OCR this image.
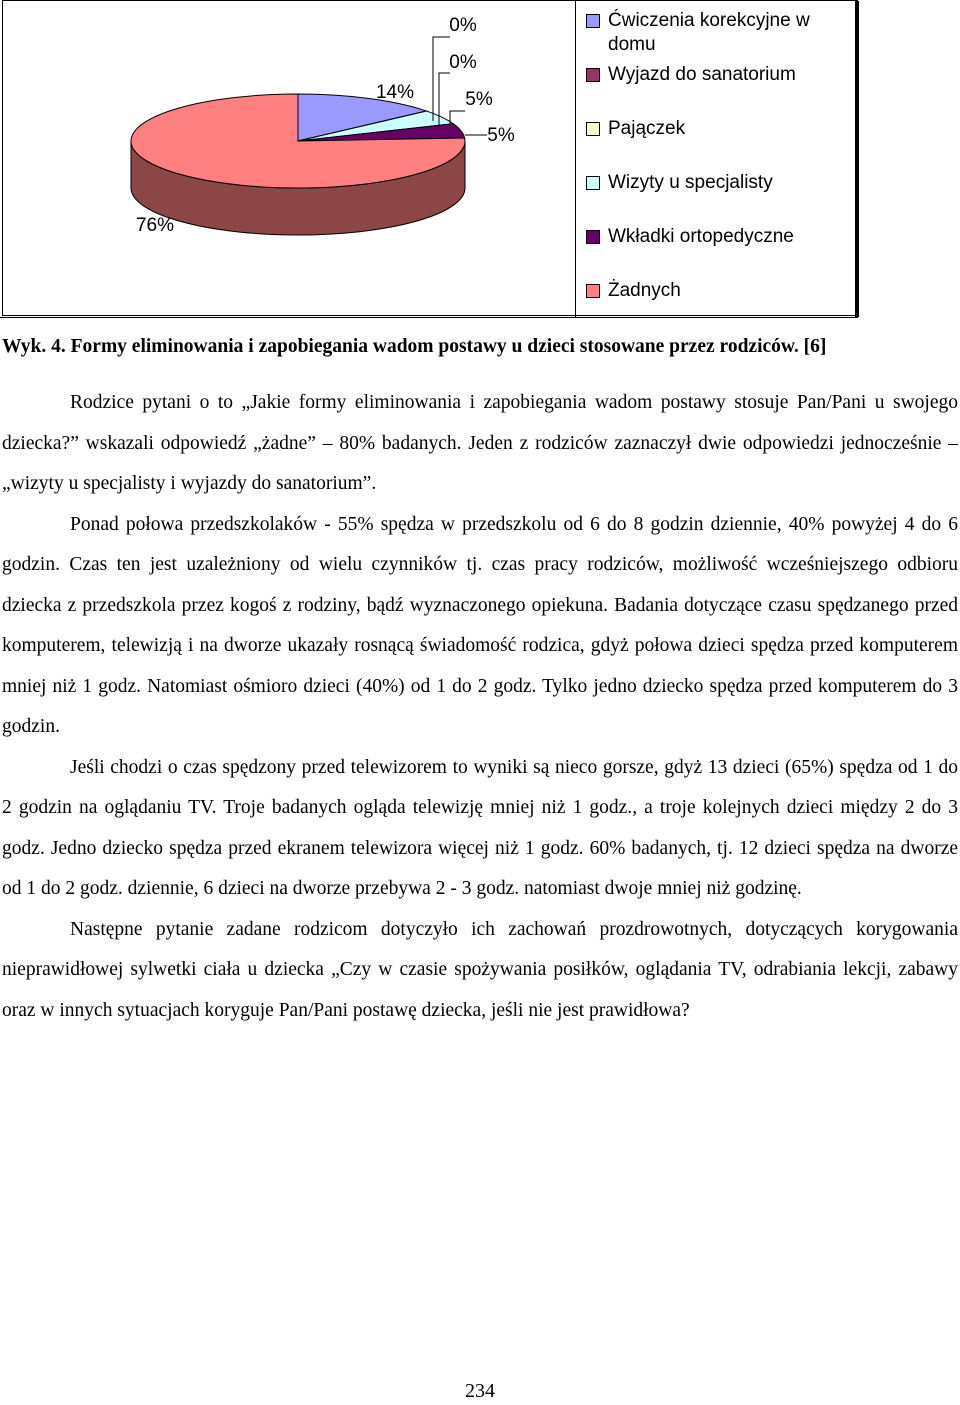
14%
0%
0%
5%
5%
76%
Ćwiczenia korekcyjne w domu
Wyjazd do sanatorium
Pajączek
Wizyty u specjalisty
Wkładki ortopedyczne
Żadnych
Wyk. 4. Formy eliminowania i zapobiegania wadom postawy u dzieci stosowane przez rodziców. [6]

Rodzice pytani o to „Jakie formy eliminowania i zapobiegania wadom postawy stosuje Pan/Pani u swojego dziecka?” wskazali odpowiedź „żadne” – 80% badanych. Jeden z rodziców zaznaczył dwie odpowiedzi jednocześnie – „wizyty u specjalisty i wyjazdy do sanatorium”.

Ponad połowa przedszkolaków - 55% spędza w przedszkolu od 6 do 8 godzin dziennie, 40% powyżej 4 do 6 godzin. Czas ten jest uzależniony od wielu czynników tj. czas pracy rodziców, możliwość wcześniejszego odbioru dziecka z przedszkola przez kogoś z rodziny, bądź wyznaczonego opiekuna. Badania dotyczące czasu spędzanego przed komputerem, telewizją i na dworze ukazały rosnącą świadomość rodzica, gdyż połowa dzieci spędza przed komputerem mniej niż 1 godz. Natomiast ośmioro dzieci (40%) od 1 do 2 godz. Tylko jedno dziecko spędza przed komputerem do 3 godzin.

Jeśli chodzi o czas spędzony przed telewizorem to wyniki są nieco gorsze, gdyż 13 dzieci (65%) spędza od 1 do 2 godzin na oglądaniu TV. Troje badanych ogląda telewizję mniej niż 1 godz., a troje kolejnych dzieci między 2 do 3 godz. Jedno dziecko spędza przed ekranem telewizora więcej niż 1 godz. 60% badanych, tj. 12 dzieci spędza na dworze od 1 do 2 godz. dziennie, 6 dzieci na dworze przebywa 2 - 3 godz. natomiast dwoje mniej niż godzinę.

Następne pytanie zadane rodzicom dotyczyło ich zachowań prozdrowotnych, dotyczących korygowania nieprawidłowej sylwetki ciała u dziecka „Czy w czasie spożywania posiłków, oglądania TV, odrabiania lekcji, zabawy oraz w innych sytuacjach koryguje Pan/Pani postawę dziecka, jeśli nie jest prawidłowa?

234
